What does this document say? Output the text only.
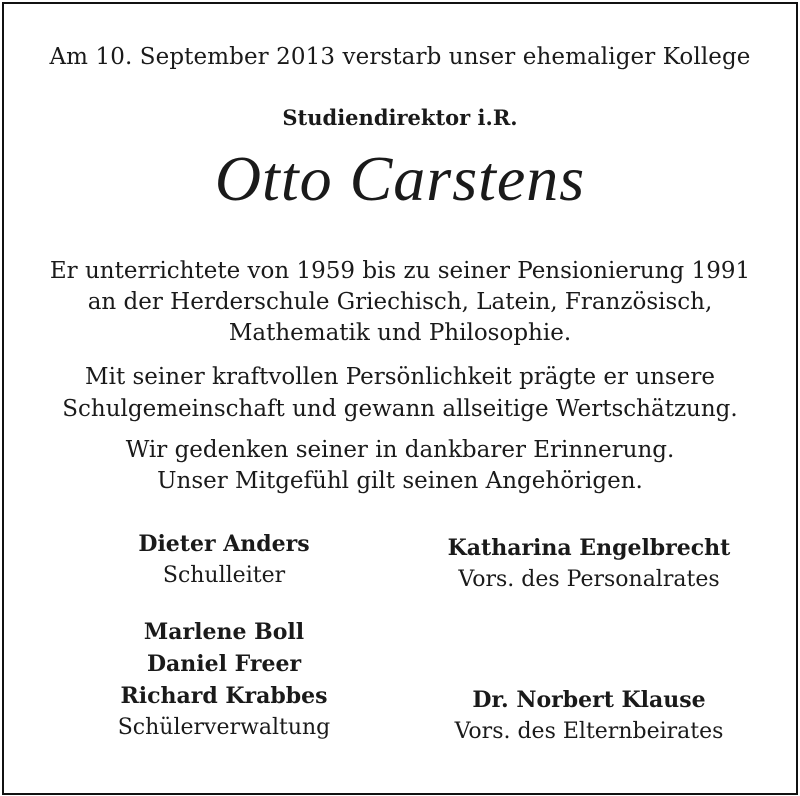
Am 10. September 2013 verstarb unser ehemaliger Kollege
Studiendirektor i.R.
Otto Carstens
Er unterrichtete von 1959 bis zu seiner Pensionierung 1991
an der Herderschule Griechisch, Latein, Französisch,
Mathematik und Philosophie.
Mit seiner kraftvollen Persönlichkeit prägte er unsere
Schulgemeinschaft und gewann allseitige Wertschätzung.
Wir gedenken seiner in dankbarer Erinnerung.
Unser Mitgefühl gilt seinen Angehörigen.
Dieter Anders
Schulleiter
Katharina Engelbrecht
Vors. des Personalrates
Marlene Boll
Daniel Freer
Richard Krabbes
Schülerverwaltung
Dr. Norbert Klause
Vors. des Elternbeirates
